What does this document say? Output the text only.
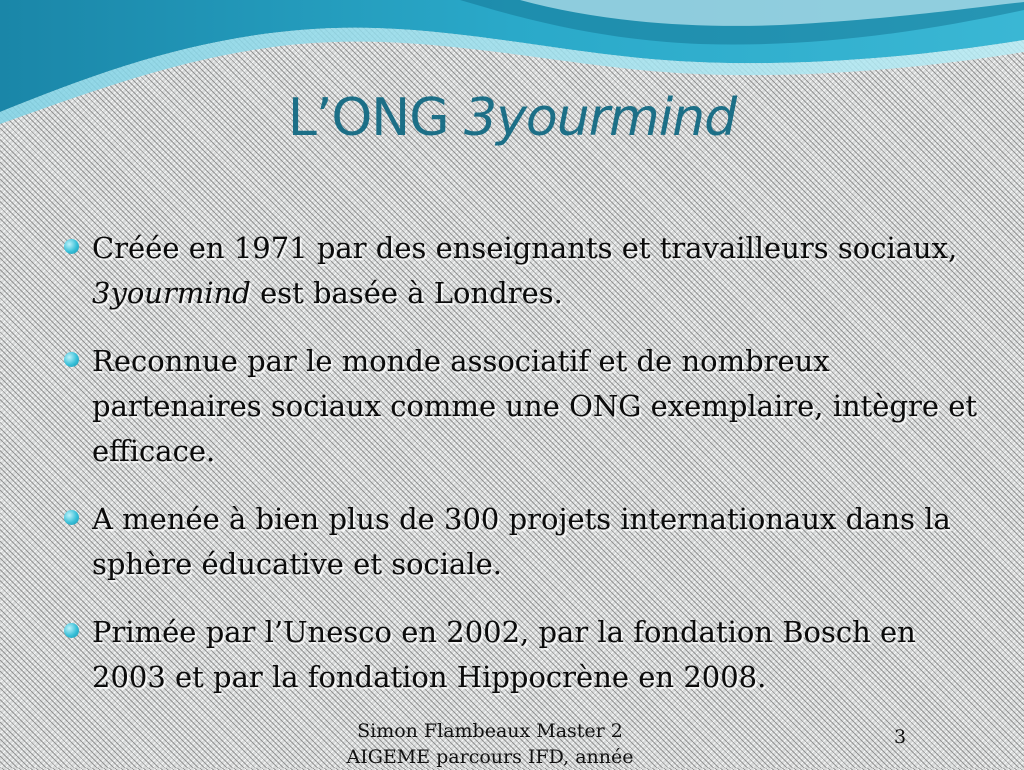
L’ONG 3yourmind
Créée en 1971 par des enseignants et travailleurs sociaux, 3yourmind est basée à Londres.
Reconnue par le monde associatif et de nombreux partenaires sociaux comme une ONG exemplaire, intègre et efficace.
A menée à bien plus de 300 projets internationaux dans la sphère éducative et sociale.
Primée par l’Unesco en 2002, par la fondation Bosch en 2003 et par la fondation Hippocrène en 2008.
Simon Flambeaux Master 2
AIGEME parcours IFD, année
3
